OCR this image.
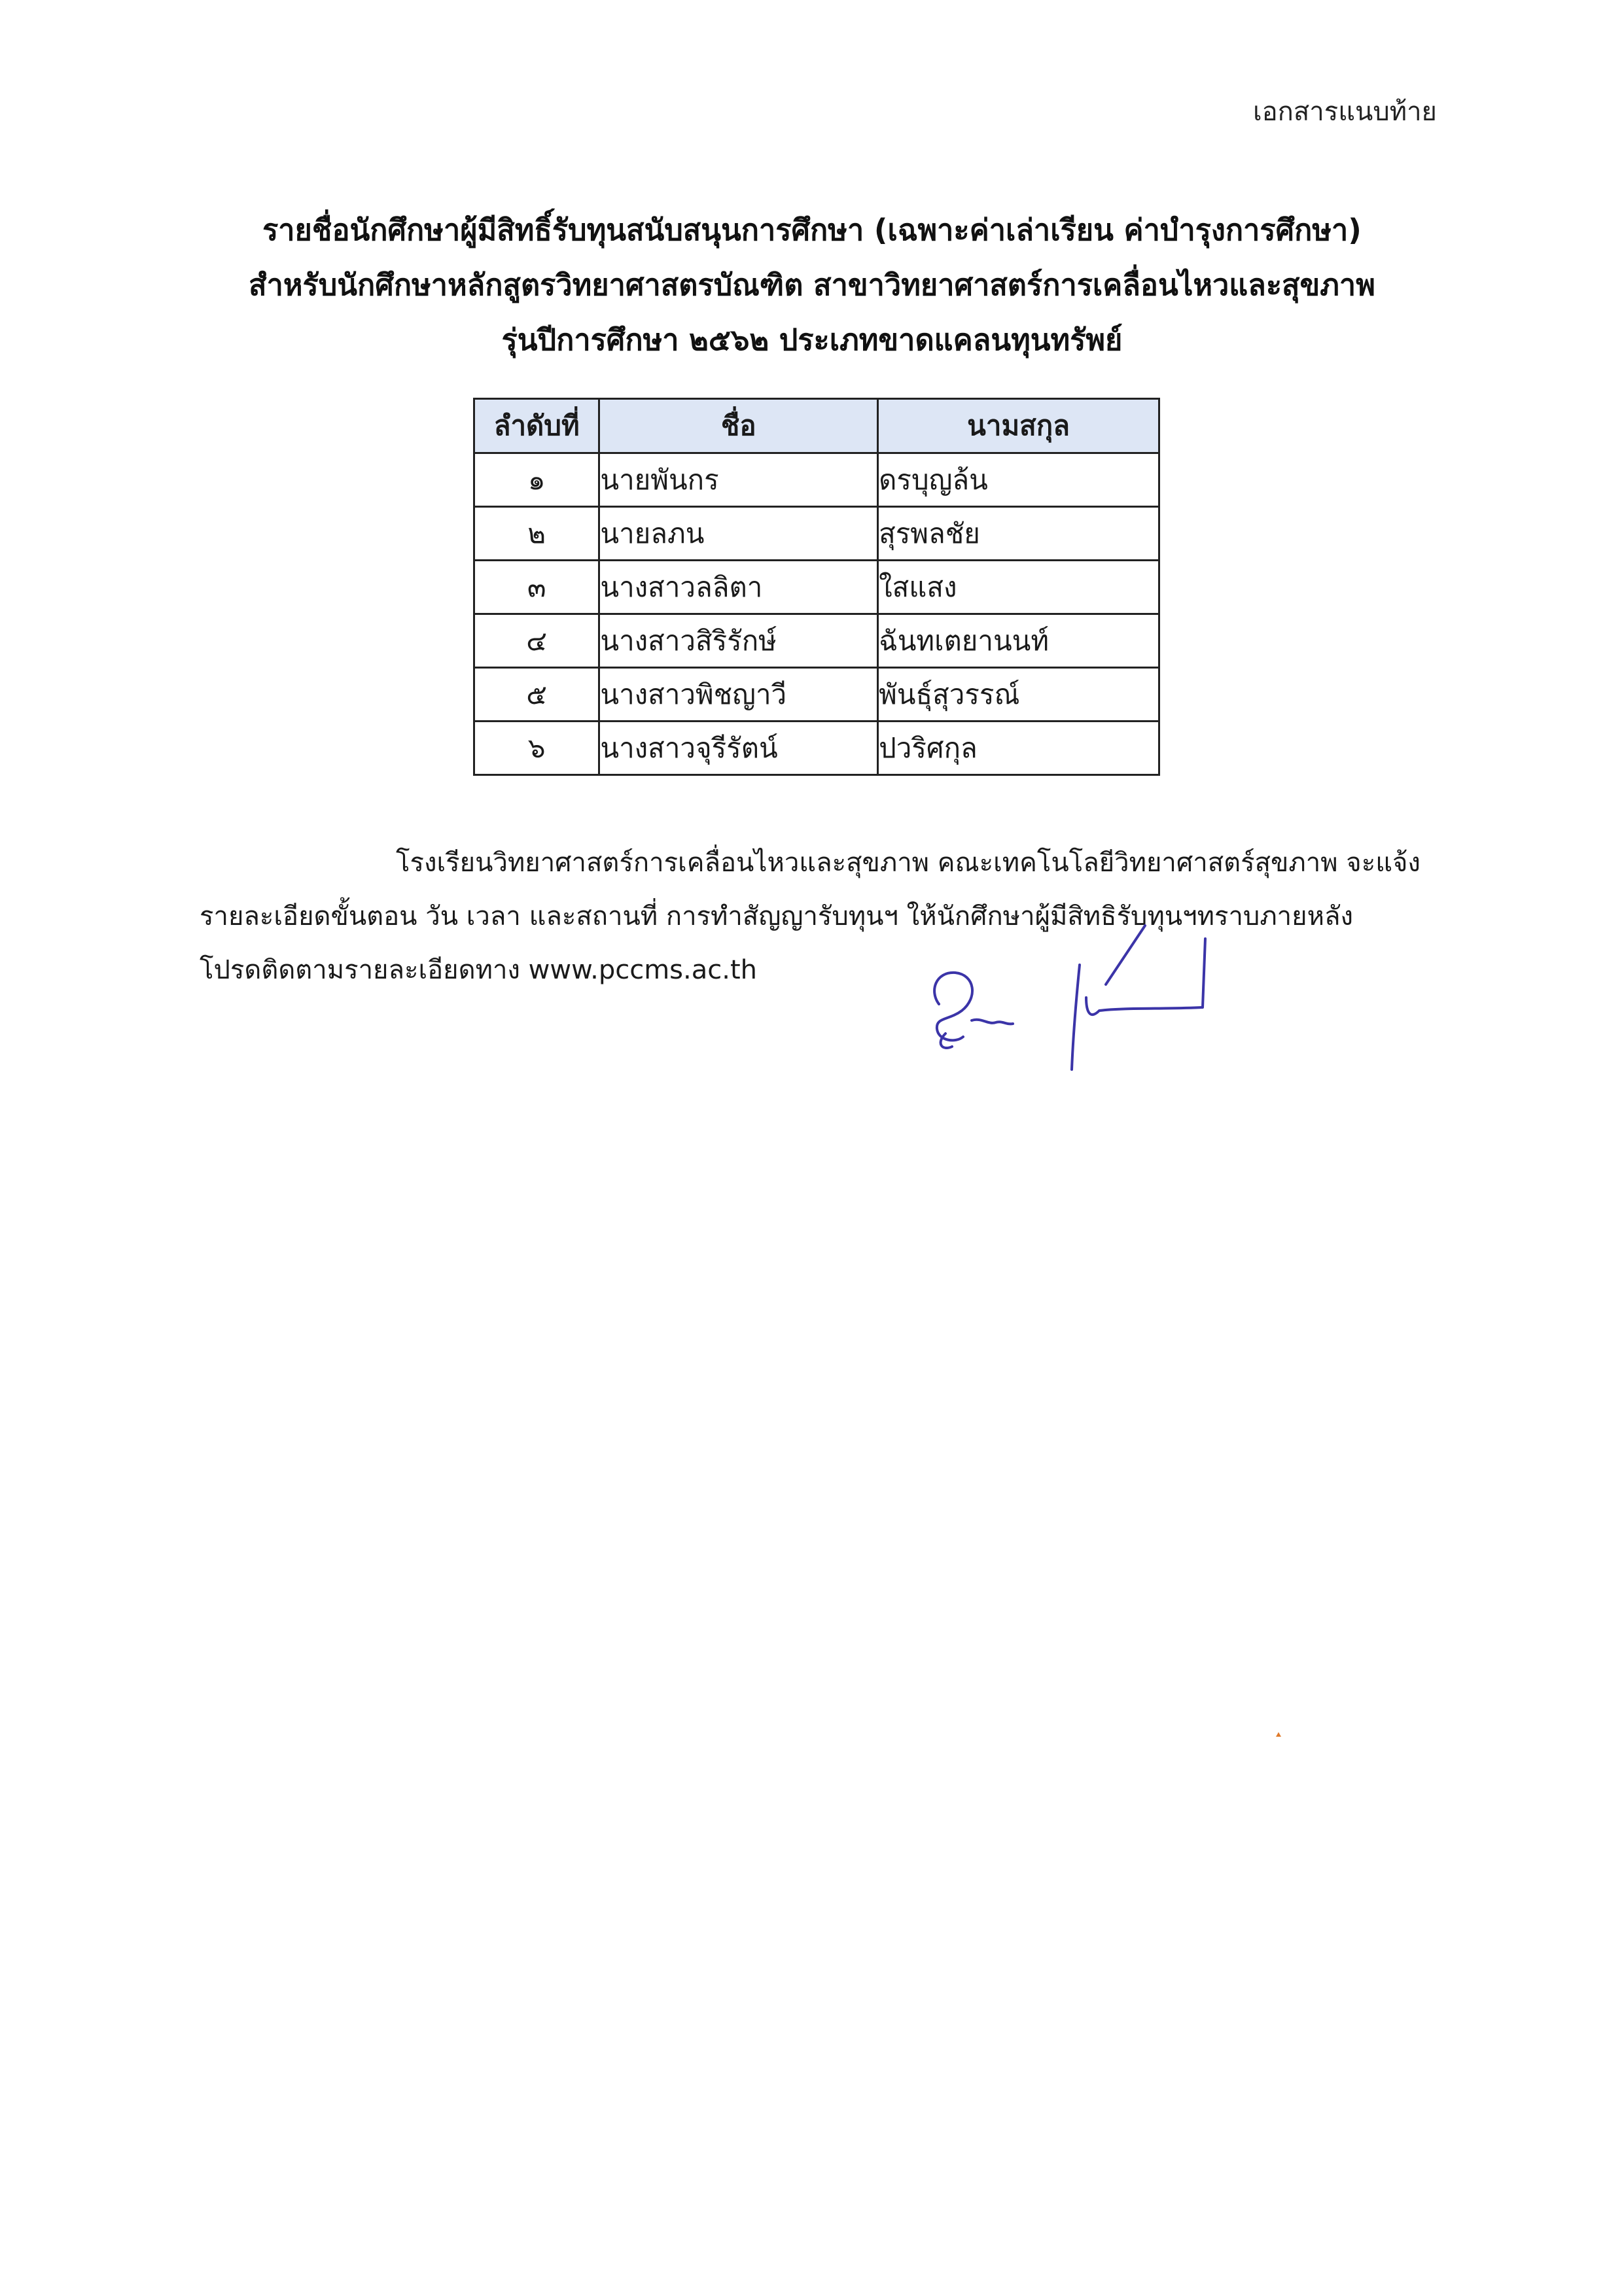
เอกสารแนบท้าย
รายชื่อนักศึกษาผู้มีสิทธิ์รับทุนสนับสนุนการศึกษา (เฉพาะค่าเล่าเรียน ค่าบำรุงการศึกษา)
สำหรับนักศึกษาหลักสูตรวิทยาศาสตรบัณฑิต สาขาวิทยาศาสตร์การเคลื่อนไหวและสุขภาพ
รุ่นปีการศึกษา ๒๕๖๒ ประเภทขาดแคลนทุนทรัพย์
ลำดับที่	ชื่อ	นามสกุล
๑	นายพันกร	ดรบุญล้น
๒	นายลภน	สุรพลชัย
๓	นางสาวลลิตา	ใสแสง
๔	นางสาวสิริรักษ์	ฉันทเตยานนท์
๕	นางสาวพิชญาวี	พันธุ์สุวรรณ์
๖	นางสาวจุรีรัตน์	ปวริศกุล
โรงเรียนวิทยาศาสตร์การเคลื่อนไหวและสุขภาพ คณะเทคโนโลยีวิทยาศาสตร์สุขภาพ จะแจ้ง
รายละเอียดขั้นตอน วัน เวลา และสถานที่ การทำสัญญารับทุนฯ ให้นักศึกษาผู้มีสิทธิรับทุนฯทราบภายหลัง
โปรดติดตามรายละเอียดทาง www.pccms.ac.th
